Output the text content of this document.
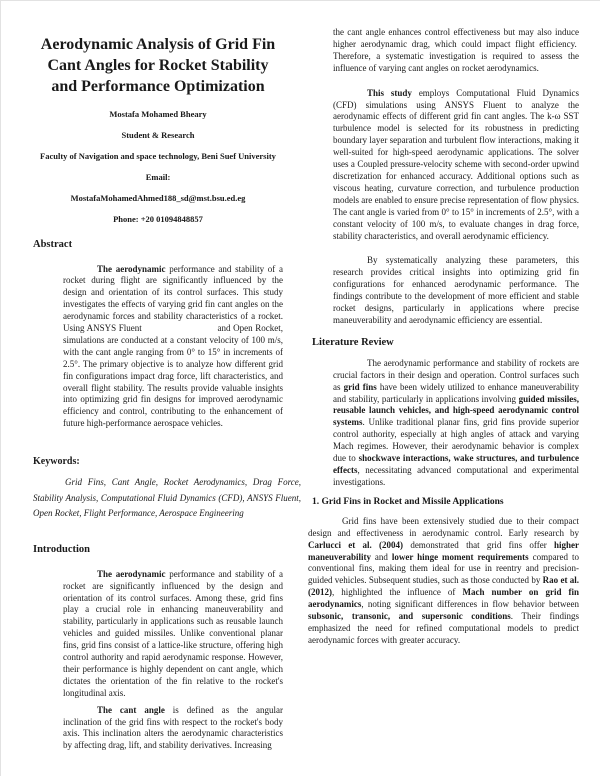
Aerodynamic Analysis of Grid Fin Cant Angles for Rocket Stability and Performance Optimization
Mostafa Mohamed Bheary
Student & Research
Faculty of Navigation and space technology, Beni Suef University
Email:
MostafaMohamedAhmed188_sd@mst.bsu.ed.eg
Phone: +20 01094848857
Abstract

The aerodynamic performance and stability of a rocket during flight are significantly influenced by the design and orientation of its control surfaces. This study investigates the effects of varying grid fin cant angles on the aerodynamic forces and stability characteristics of a rocket. Using ANSYS Fluent	and Open Rocket, simulations are conducted at a constant velocity of 100 m/s, with the cant angle ranging from 0° to 15° in increments of 2.5°. The primary objective is to analyze how different grid fin configurations impact drag force, lift characteristics, and overall flight stability. The results provide valuable insights into optimizing grid fin designs for improved aerodynamic efficiency and control, contributing to the enhancement of future high-performance aerospace vehicles.

Keywords:

Grid Fins, Cant Angle, Rocket Aerodynamics, Drag Force, Stability Analysis, Computational Fluid Dynamics (CFD), ANSYS Fluent, Open Rocket, Flight Performance, Aerospace Engineering

Introduction

The aerodynamic performance and stability of a rocket are significantly influenced by the design and orientation of its control surfaces. Among these, grid fins play a crucial role in enhancing maneuverability and stability, particularly in applications such as reusable launch vehicles and guided missiles. Unlike conventional planar fins, grid fins consist of a lattice-like structure, offering high control authority and rapid aerodynamic response. However, their performance is highly dependent on cant angle, which dictates the orientation of the fin relative to the rocket's longitudinal axis.

The cant angle is defined as the angular inclination of the grid fins with respect to the rocket's body axis. This inclination alters the aerodynamic characteristics by affecting drag, lift, and stability derivatives. Increasing

the cant angle enhances control effectiveness but may also induce higher aerodynamic drag, which could impact flight efficiency.  Therefore, a systematic investigation is required to assess the influence of varying cant angles on rocket aerodynamics.

This study employs Computational Fluid Dynamics (CFD) simulations using ANSYS Fluent to analyze the aerodynamic effects of different grid fin cant angles. The k-ω SST turbulence model is selected for its robustness in predicting boundary layer separation and turbulent flow interactions, making it well-suited for high-speed aerodynamic applications. The solver uses a Coupled pressure-velocity scheme with second-order upwind discretization for enhanced accuracy. Additional options such as viscous heating, curvature correction, and turbulence production models are enabled to ensure precise representation of flow physics. The cant angle is varied from 0° to 15° in increments of 2.5°, with a constant velocity of 100 m/s, to evaluate changes in drag force, stability characteristics, and overall aerodynamic efficiency.

By systematically analyzing these parameters, this research provides critical insights into optimizing grid fin configurations for enhanced aerodynamic performance. The findings contribute to the development of more efficient and stable rocket designs, particularly in applications where precise maneuverability and aerodynamic efficiency are essential.

Literature Review

The aerodynamic performance and stability of rockets are crucial factors in their design and operation. Control surfaces such as grid fins have been widely utilized to enhance maneuverability and stability, particularly in applications involving guided missiles, reusable launch vehicles, and high-speed aerodynamic control systems. Unlike traditional planar fins, grid fins provide superior control authority, especially at high angles of attack and varying Mach regimes. However, their aerodynamic behavior is complex due to shockwave interactions, wake structures, and turbulence effects, necessitating advanced computational and experimental investigations.

1. Grid Fins in Rocket and Missile Applications

Grid fins have been extensively studied due to their compact design and effectiveness in aerodynamic control. Early research by Carlucci et al. (2004) demonstrated that grid fins offer higher maneuverability and lower hinge moment requirements compared to conventional fins, making them ideal for use in reentry and precision-guided vehicles. Subsequent studies, such as those conducted by Rao et al. (2012), highlighted the influence of Mach number on grid fin aerodynamics, noting significant differences in flow behavior between subsonic, transonic, and supersonic conditions. Their findings emphasized the need for refined computational models to predict aerodynamic forces with greater accuracy.
